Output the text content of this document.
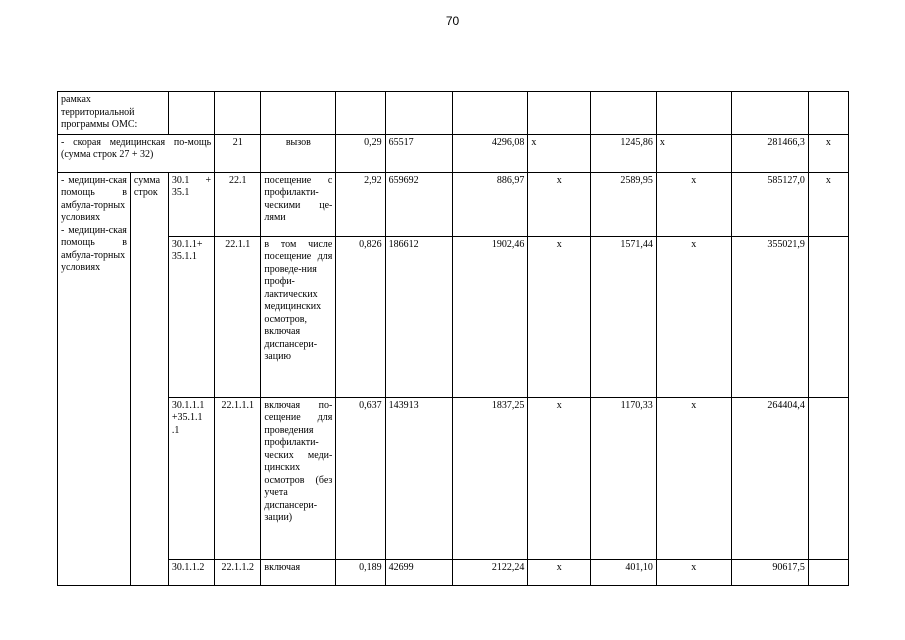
70
рамках территориальной программы ОМС:												
- скорая медицинская по-мощь (сумма строк 27 + 32)			21	вызов	0,29	65517	4296,08	х	1245,86	х	281466,3	х
- медицин-ская помощь в амбула-торных условиях
- медицин-ская помощь в амбула-торных условиях	сумма строк	30.1 + 35.1	22.1	посещение с профилакти-ческими це-лями	2,92	659692	886,97	х	2589,95	х	585127,0	х
		30.1.1+ 35.1.1	22.1.1	в том числе посещение для проведе-ния профи-лактических медицинских осмотров, включая диспансери-зацию	0,826	186612	1902,46	х	1571,44	х	355021,9	
		30.1.1.1 +35.1.1 .1	22.1.1.1	включая по-сещение для проведения профилакти-ческих меди-цинских осмотров (без учета диспансери-зации)	0,637	143913	1837,25	х	1170,33	х	264404,4	
		30.1.1.2	22.1.1.2	включая	0,189	42699	2122,24	х	401,10	х	90617,5	
